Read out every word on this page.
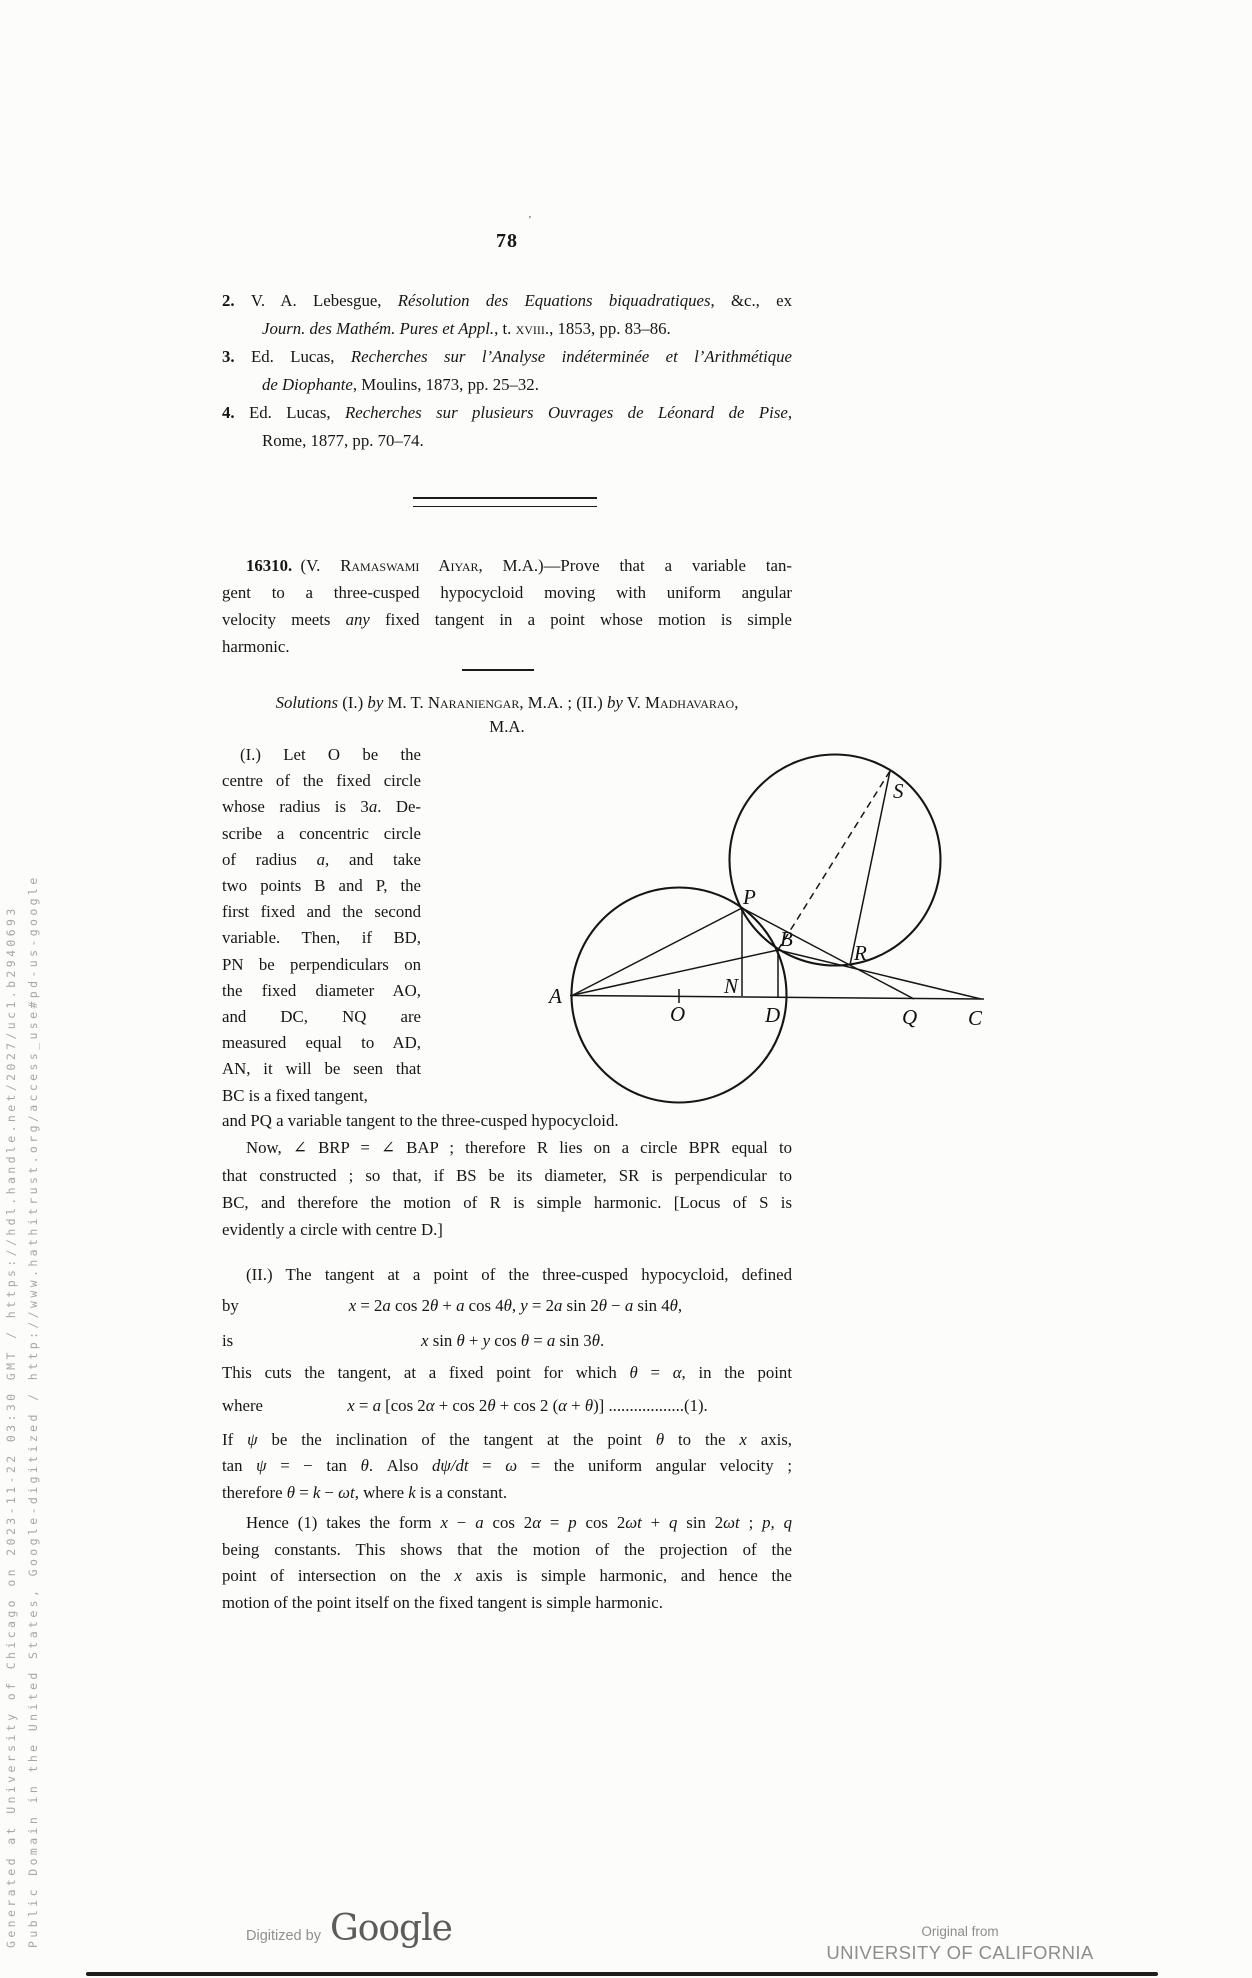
Generated at University of Chicago on 2023-11-22 03:30 GMT / https://hdl.handle.net/2027/uc1.b2940693 Public Domain in the United States, Google-digitized / http://www.hathitrust.org/access_use#pd-us-google
78
’
2. V. A. Lebesgue, Résolution des Equations biquadratiques, &c., ex
Journ. des Mathém. Pures et Appl., t. xviii., 1853, pp. 83–86.
3. Ed. Lucas, Recherches sur l’Analyse indéterminée et l’Arithmétique
de Diophante, Moulins, 1873, pp. 25–32.
4. Ed. Lucas, Recherches sur plusieurs Ouvrages de Léonard de Pise,
Rome, 1877, pp. 70–74.
16310. (V. Ramaswami Aiyar, M.A.)—Prove that a variable tan-
gent to a three-cusped hypocycloid moving with uniform angular
velocity meets any fixed tangent in a point whose motion is simple
harmonic.
Solutions (I.) by M. T. Naraniengar, M.A. ; (II.) by V. Madhavarao,
M.A.
(I.) Let O be the
centre of the fixed circle
whose radius is 3a. De-
scribe a concentric circle
of radius a, and take
two points B and P, the
first fixed and the second
variable. Then, if BD,
PN be perpendiculars on
the fixed diameter AO,
and DC, NQ are
measured equal to AD,
AN, it will be seen that
BC is a fixed tangent,
A
O
N
D	Q C
P
B
R
S
and PQ a variable tangent to the three-cusped hypocycloid.
Now, ∠ BRP = ∠ BAP ; therefore R lies on a circle BPR equal to
that constructed ; so that, if BS be its diameter, SR is perpendicular to
BC, and therefore the motion of R is simple harmonic. [Locus of S is
evidently a circle with centre D.]
(II.) The tangent at a point of the three-cusped hypocycloid, defined
by	x = 2a cos 2θ + a cos 4θ, y = 2a sin 2θ − a sin 4θ,
is	x sin θ + y cos θ = a sin 3θ.
This cuts the tangent, at a fixed point for which θ = α, in the point
where	x = a [cos 2α + cos 2θ + cos 2 (α + θ)] ..................(1).
If ψ be the inclination of the tangent at the point θ to the x axis,
tan ψ = − tan θ. Also dψ/dt = ω = the uniform angular velocity ;
therefore θ = k − ωt, where k is a constant.
Hence (1) takes the form x − a cos 2α = p cos 2ωt + q sin 2ωt ; p, q
being constants. This shows that the motion of the projection of the
point of intersection on the x axis is simple harmonic, and hence the
motion of the point itself on the fixed tangent is simple harmonic.
Digitized by Google	Original from
UNIVERSITY OF CALIFORNIA
